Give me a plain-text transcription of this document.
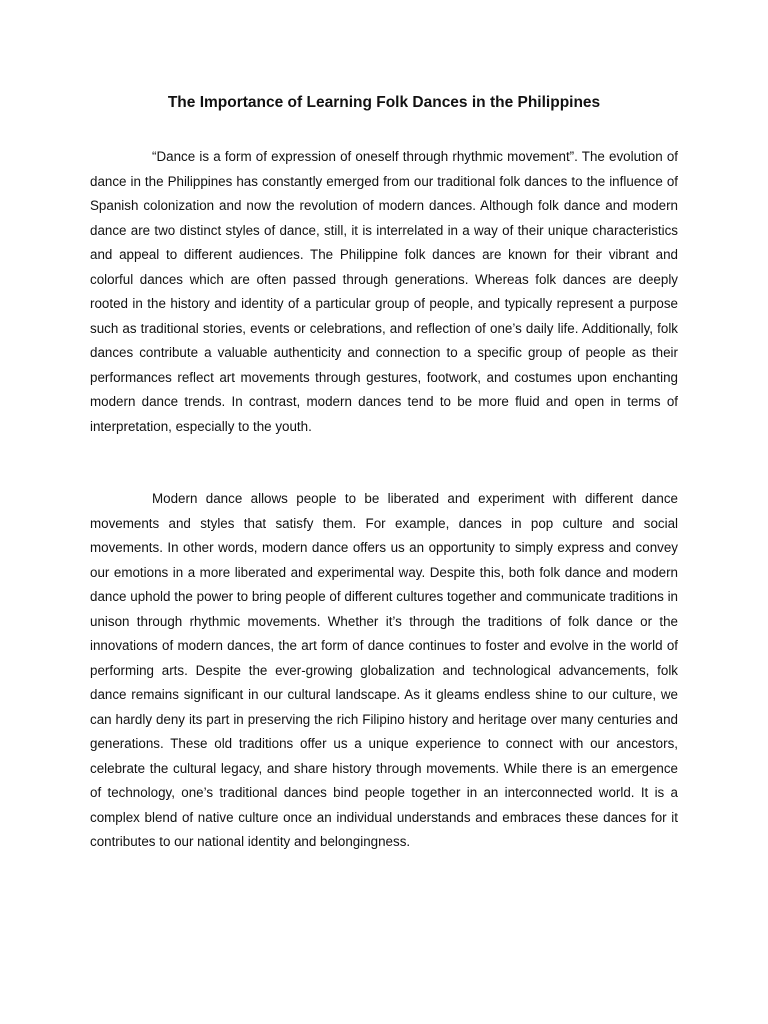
The Importance of Learning Folk Dances in the Philippines

“Dance is a form of expression of oneself through rhythmic movement”. The evolution of dance in the Philippines has constantly emerged from our traditional folk dances to the influence of Spanish colonization and now the revolution of modern dances. Although folk dance and modern dance are two distinct styles of dance, still, it is interrelated in a way of their unique characteristics and appeal to different audiences. The Philippine folk dances are known for their vibrant and colorful dances which are often passed through generations. Whereas folk dances are deeply rooted in the history and identity of a particular group of people, and typically represent a purpose such as traditional stories, events or celebrations, and reflection of one’s daily life. Additionally, folk dances contribute a valuable authenticity and connection to a specific group of people as their performances reflect art movements through gestures, footwork, and costumes upon enchanting modern dance trends. In contrast, modern dances tend to be more fluid and open in terms of interpretation, especially to the youth.

Modern dance allows people to be liberated and experiment with different dance movements and styles that satisfy them. For example, dances in pop culture and social movements. In other words, modern dance offers us an opportunity to simply express and convey our emotions in a more liberated and experimental way. Despite this, both folk dance and modern dance uphold the power to bring people of different cultures together and communicate traditions in unison through rhythmic movements. Whether it’s through the traditions of folk dance or the innovations of modern dances, the art form of dance continues to foster and evolve in the world of performing arts. Despite the ever-growing globalization and technological advancements, folk dance remains significant in our cultural landscape. As it gleams endless shine to our culture, we can hardly deny its part in preserving the rich Filipino history and heritage over many centuries and generations. These old traditions offer us a unique experience to connect with our ancestors, celebrate the cultural legacy, and share history through movements. While there is an emergence of technology, one’s traditional dances bind people together in an interconnected world. It is a complex blend of native culture once an individual understands and embraces these dances for it contributes to our national identity and belongingness.
